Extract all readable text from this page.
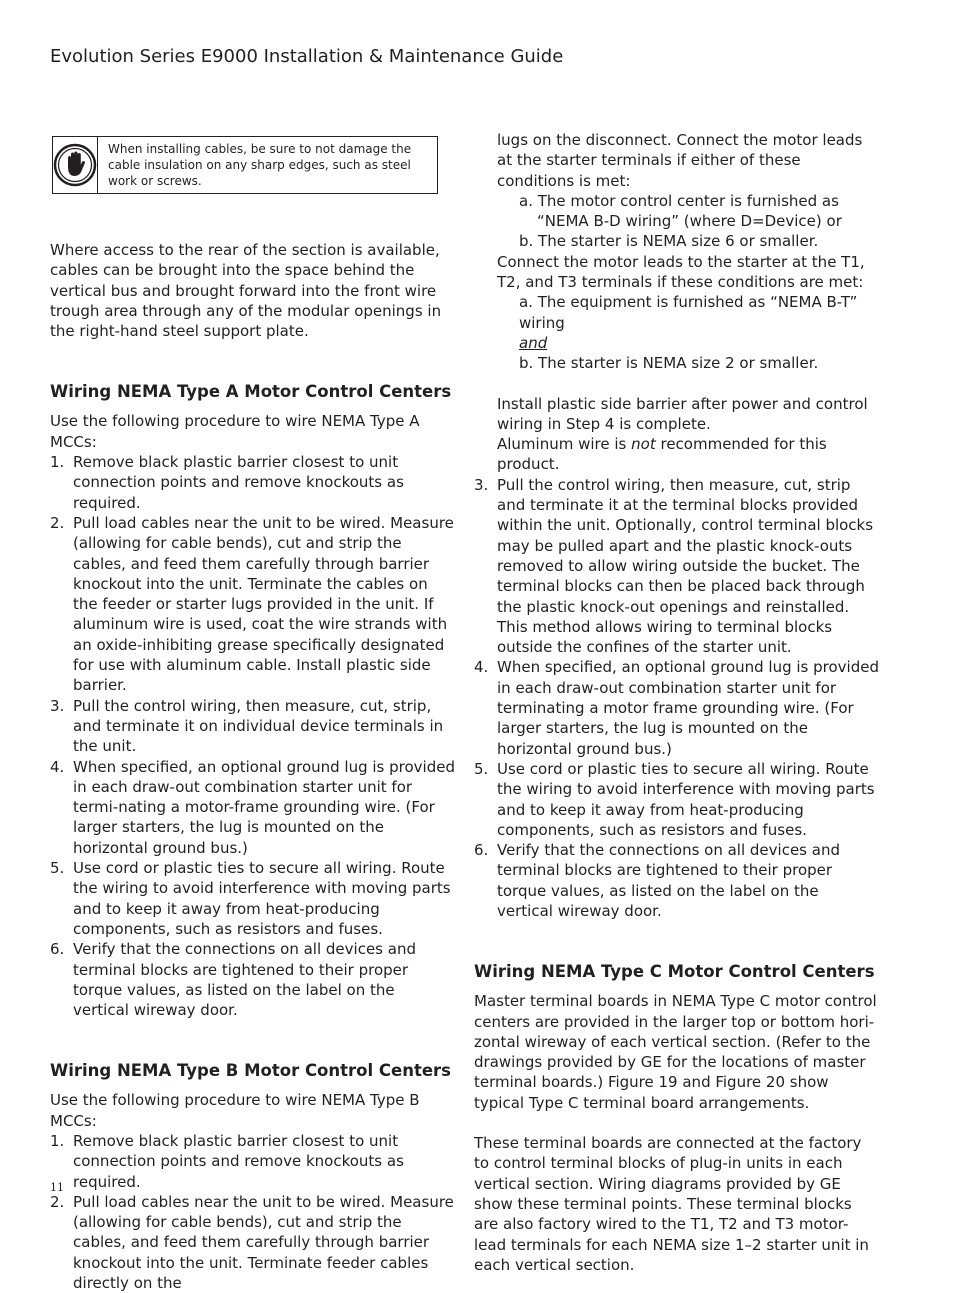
Evolution Series E9000 Installation & Maintenance Guide
When installing cables, be sure to not damage the cable insulation on any sharp edges, such as steel work or screws.

Where access to the rear of the section is available, cables can be brought into the space behind the vertical bus and brought forward into the front wire trough area through any of the modular openings in the right-hand steel support plate.

Wiring NEMA Type A Motor Control Centers

Use the following procedure to wire NEMA Type A MCCs:

1. Remove black plastic barrier closest to unit connection points and remove knockouts as required.
2. Pull load cables near the unit to be wired. Measure (allowing for cable bends), cut and strip the cables, and feed them carefully through barrier knockout into the unit. Terminate the cables on the feeder or starter lugs provided in the unit. If aluminum wire is used, coat the wire strands with an oxide-inhibiting grease specifically designated for use with aluminum cable. Install plastic side barrier.
3. Pull the control wiring, then measure, cut, strip, and terminate it on individual device terminals in the unit.
4. When specified, an optional ground lug is provided in each draw-out combination starter unit for termi-nating a motor-frame grounding wire. (For larger starters, the lug is mounted on the horizontal ground bus.)
5. Use cord or plastic ties to secure all wiring. Route the wiring to avoid interference with moving parts and to keep it away from heat-producing components, such as resistors and fuses.
6. Verify that the connections on all devices and terminal blocks are tightened to their proper torque values, as listed on the label on the vertical wireway door.
Wiring NEMA Type B Motor Control Centers

Use the following procedure to wire NEMA Type B MCCs:

1. Remove black plastic barrier closest to unit connection points and remove knockouts as required.
2. Pull load cables near the unit to be wired. Measure (allowing for cable bends), cut and strip the cables, and feed them carefully through barrier knockout into the unit. Terminate feeder cables directly on the

lugs on the disconnect. Connect the motor leads at the starter terminals if either of these conditions is met:

a. The motor control center is furnished as

“NEMA B-D wiring” (where D=Device) or

b. The starter is NEMA size 6 or smaller.

Connect the motor leads to the starter at the T1, T2, and T3 terminals if these conditions are met:

a. The equipment is furnished as “NEMA B-T” wiring

and

b. The starter is NEMA size 2 or smaller.

Install plastic side barrier after power and control wiring in Step 4 is complete.

Aluminum wire is not recommended for this product.

3. Pull the control wiring, then measure, cut, strip and terminate it at the terminal blocks provided within the unit. Optionally, control terminal blocks may be pulled apart and the plastic knock-outs removed to allow wiring outside the bucket. The terminal blocks can then be placed back through the plastic knock-out openings and reinstalled. This method allows wiring to terminal blocks outside the confines of the starter unit.
4. When specified, an optional ground lug is provided in each draw-out combination starter unit for terminating a motor frame grounding wire. (For larger starters, the lug is mounted on the horizontal ground bus.)
5. Use cord or plastic ties to secure all wiring. Route the wiring to avoid interference with moving parts and to keep it away from heat-producing components, such as resistors and fuses.
6. Verify that the connections on all devices and terminal blocks are tightened to their proper torque values, as listed on the label on the vertical wireway door.
Wiring NEMA Type C Motor Control Centers

Master terminal boards in NEMA Type C motor control centers are provided in the larger top or bottom hori-zontal wireway of each vertical section. (Refer to the drawings provided by GE for the locations of master terminal boards.) Figure 19 and Figure 20 show typical Type C terminal board arrangements.

These terminal boards are connected at the factory to control terminal blocks of plug-in units in each vertical section. Wiring diagrams provided by GE show these terminal points. These terminal blocks are also factory wired to the T1, T2 and T3 motor-lead terminals for each NEMA size 1–2 starter unit in each vertical section.

11
